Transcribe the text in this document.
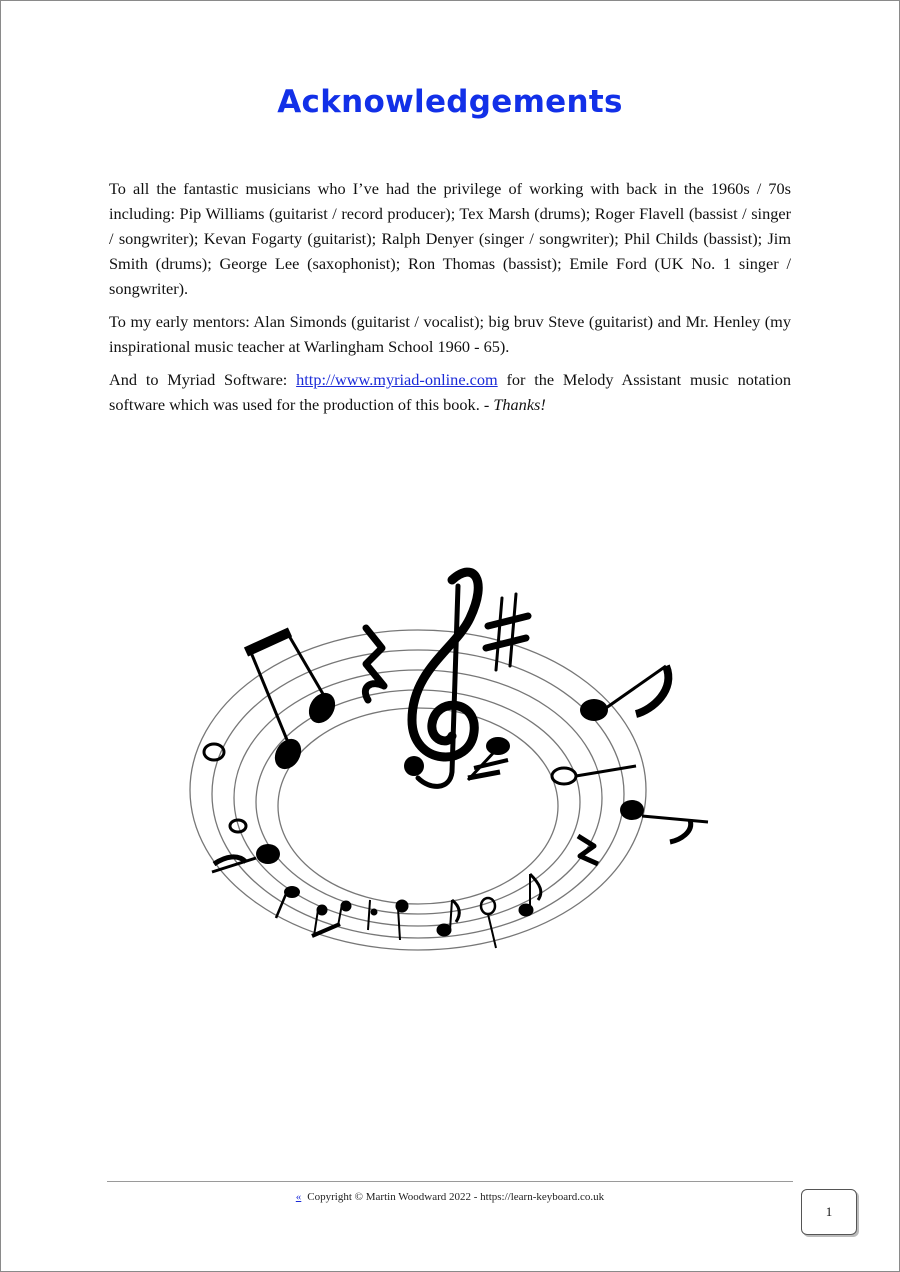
Acknowledgements

To all the fantastic musicians who I’ve had the privilege of working with back in the 1960s / 70s including: Pip Williams (guitarist / record producer); Tex Marsh (drums); Roger Flavell (bassist / singer / songwriter); Kevan Fogarty (guitarist); Ralph Denyer (singer / songwriter); Phil Childs (bassist); Jim Smith (drums); George Lee (saxophonist); Ron Thomas (bassist); Emile Ford (UK No. 1 singer / songwriter).

To my early mentors: Alan Simonds (guitarist / vocalist); big bruv Steve (guitarist) and Mr. Henley (my inspirational music teacher at Warlingham School 1960 - 65).

And to Myriad Software: http://www.myriad-online.com for the Melody Assistant music notation software which was used for the production of this book. - Thanks!

« Copyright © Martin Woodward 2022 - https://learn-keyboard.co.uk
1
